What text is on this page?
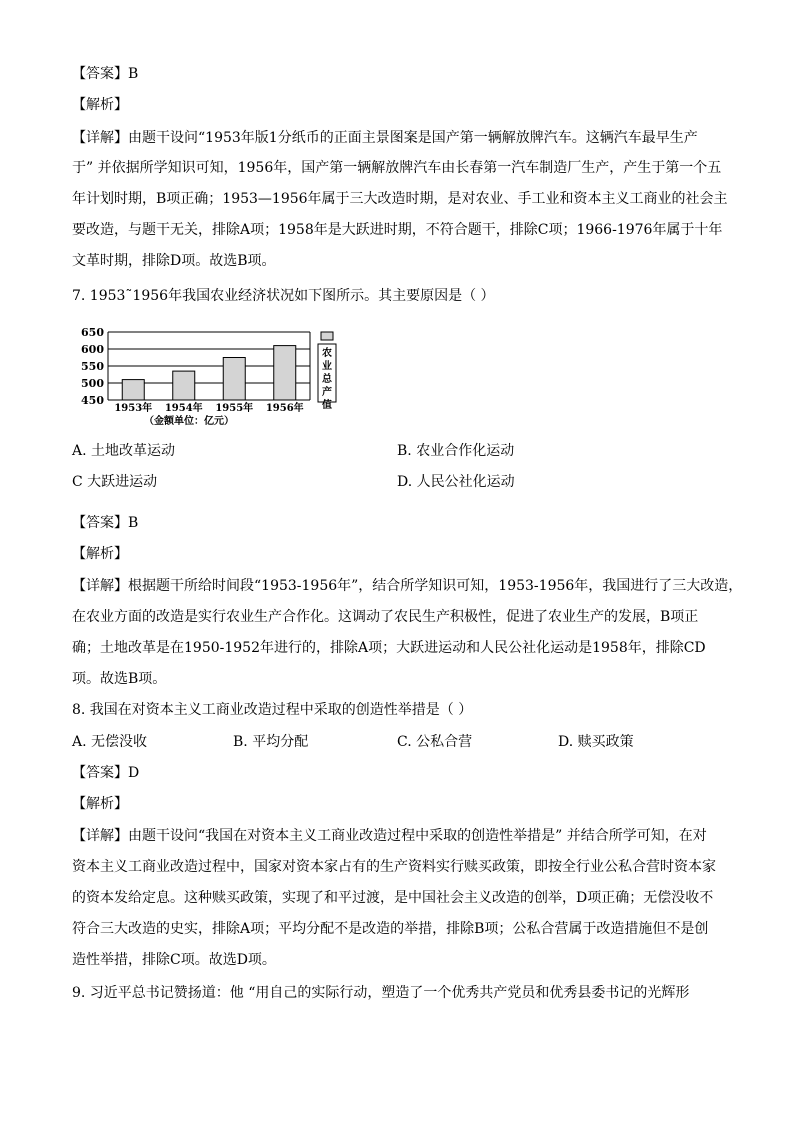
【答案】B
【解析】
【详解】由题干设问“1953年版1分纸币的正面主景图案是国产第一辆解放牌汽车。这辆汽车最早生产
于” 并依据所学知识可知，1956年，国产第一辆解放牌汽车由长春第一汽车制造厂生产，产生于第一个五
年计划时期，B项正确；1953—1956年属于三大改造时期，是对农业、手工业和资本主义工商业的社会主
要改造，与题干无关，排除A项；1958年是大跃进时期，不符合题干，排除C项；1966-1976年属于十年
文革时期，排除D项。故选B项。
7. 1953˜1956年我国农业经济状况如下图所示。其主要原因是（ ）
450
500
550
600
650
1953年 1954年 1955年 1956年
（金额单位：亿元）
农业总产值
A. 土地改革运动	B. 农业合作化运动
C 大跃进运动	D. 人民公社化运动
【答案】B
【解析】
【详解】根据题干所给时间段“1953-1956年”，结合所学知识可知，1953-1956年，我国进行了三大改造，
在农业方面的改造是实行农业生产合作化。这调动了农民生产积极性，促进了农业生产的发展，B项正
确；土地改革是在1950-1952年进行的，排除A项；大跃进运动和人民公社化运动是1958年，排除CD
项。故选B项。
8. 我国在对资本主义工商业改造过程中采取的创造性举措是（ ）
A. 无偿没收	B. 平均分配	C. 公私合营	D. 赎买政策
【答案】D
【解析】
【详解】由题干设问“我国在对资本主义工商业改造过程中采取的创造性举措是” 并结合所学可知，在对
资本主义工商业改造过程中，国家对资本家占有的生产资料实行赎买政策，即按全行业公私合营时资本家
的资本发给定息。这种赎买政策，实现了和平过渡，是中国社会主义改造的创举，D项正确；无偿没收不
符合三大改造的史实，排除A项；平均分配不是改造的举措，排除B项；公私合营属于改造措施但不是创
造性举措，排除C项。故选D项。
9. 习近平总书记赞扬道：他 “用自己的实际行动，塑造了一个优秀共产党员和优秀县委书记的光辉形
